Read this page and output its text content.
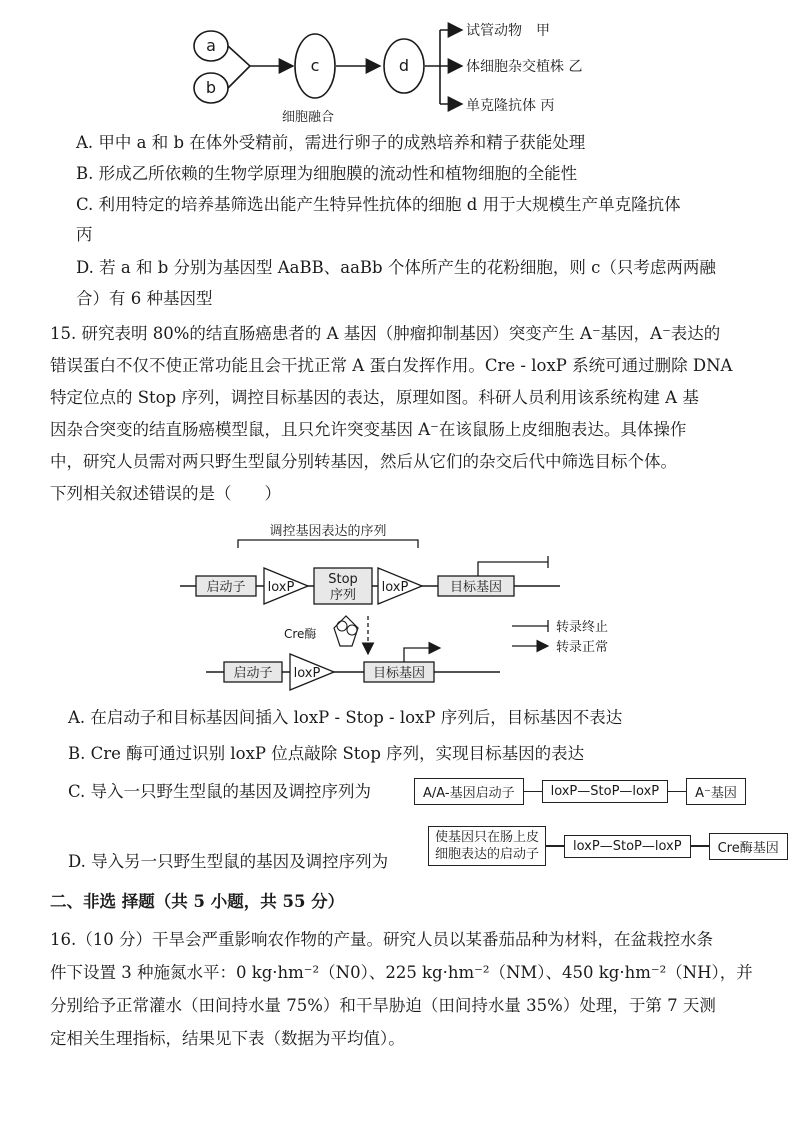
a
b
c
细胞融合
d
试管动物　甲
体细胞杂交植株 乙
单克隆抗体 丙
A. 甲中 a 和 b 在体外受精前，需进行卵子的成熟培养和精子获能处理
B. 形成乙所依赖的生物学原理为细胞膜的流动性和植物细胞的全能性
C. 利用特定的培养基筛选出能产生特异性抗体的细胞 d 用于大规模生产单克隆抗体
丙
D. 若 a 和 b 分别为基因型 AaBB、aaBb 个体所产生的花粉细胞，则 c（只考虑两两融
合）有 6 种基因型
15. 研究表明 80%的结直肠癌患者的 A 基因（肿瘤抑制基因）突变产生 A⁻基因，A⁻表达的
错误蛋白不仅不使正常功能且会干扰正常 A 蛋白发挥作用。Cre - loxP 系统可通过删除 DNA
特定位点的 Stop 序列，调控目标基因的表达，原理如图。科研人员利用该系统构建 A 基
因杂合突变的结直肠癌模型鼠，且只允许突变基因 A⁻在该鼠肠上皮细胞表达。具体操作
中，研究人员需对两只野生型鼠分别转基因，然后从它们的杂交后代中筛选目标个体。
下列相关叙述错误的是（　　）
调控基因表达的序列
启动子 loxP
Stop
序列
loxP	目标基因
Cre酶	转录终止
转录正常
启动子 loxP	目标基因
A. 在启动子和目标基因间插入 loxP - Stop - loxP 序列后，目标基因不表达
B. Cre 酶可通过识别 loxP 位点敲除 Stop 序列，实现目标基因的表达
C. 导入一只野生型鼠的基因及调控序列为	A/A-基因启动子	loxP—StoP—loxP	A⁻基因
D. 导入另一只野生型鼠的基因及调控序列为
使基因只在肠上皮
细胞表达的启动子
loxP—StoP—loxP	Cre酶基因
二、非选 择题（共 5 小题，共 55 分）
16.（10 分）干旱会严重影响农作物的产量。研究人员以某番茄品种为材料，在盆栽控水条
件下设置 3 种施氮水平：0 kg·hm⁻²（N0）、225 kg·hm⁻²（NM）、450 kg·hm⁻²（NH），并
分别给予正常灌水（田间持水量 75%）和干旱胁迫（田间持水量 35%）处理，于第 7 天测
定相关生理指标，结果见下表（数据为平均值）。
